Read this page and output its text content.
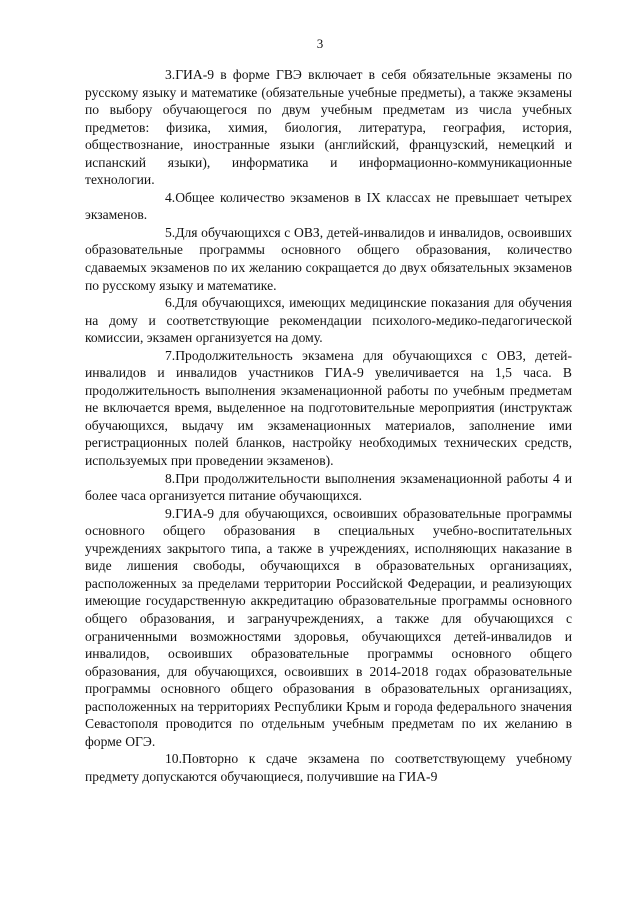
3

3.ГИА-9 в форме ГВЭ включает в себя обязательные экзамены по русскому языку и математике (обязательные учебные предметы), а также экзамены по выбору обучающегося по двум учебным предметам из числа учебных предметов: физика, химия, биология, литература, география, история, обществознание, иностранные языки (английский, французский, немецкий и испанский языки), информатика и информационно-коммуникационные технологии.

4.Общее количество экзаменов в IX классах не превышает четырех экзаменов.

5.Для обучающихся с ОВЗ, детей-инвалидов и инвалидов, освоивших образовательные программы основного общего образования, количество сдаваемых экзаменов по их желанию сокращается до двух обязательных экзаменов по русскому языку и математике.

6.Для обучающихся, имеющих медицинские показания для обучения на дому и соответствующие рекомендации психолого-медико-педагогической комиссии, экзамен организуется на дому.

7.Продолжительность экзамена для обучающихся с ОВЗ, детей-инвалидов и инвалидов участников ГИА-9 увеличивается на 1,5 часа. В продолжительность выполнения экзаменационной работы по учебным предметам не включается время, выделенное на подготовительные мероприятия (инструктаж обучающихся, выдачу им экзаменационных материалов, заполнение ими регистрационных полей бланков, настройку необходимых технических средств, используемых при проведении экзаменов).

8.При продолжительности выполнения экзаменационной работы 4 и более часа организуется питание обучающихся.

9.ГИА-9 для обучающихся, освоивших образовательные программы основного общего образования в специальных учебно-воспитательных учреждениях закрытого типа, а также в учреждениях, исполняющих наказание в виде лишения свободы, обучающихся в образовательных организациях, расположенных за пределами территории Российской Федерации, и реализующих имеющие государственную аккредитацию образовательные программы основного общего образования, и загранучреждениях, а также для обучающихся с ограниченными возможностями здоровья, обучающихся детей-инвалидов и инвалидов, освоивших образовательные программы основного общего образования, для обучающихся, освоивших в 2014-2018 годах образовательные программы основного общего образования в образовательных организациях, расположенных на территориях Республики Крым и города федерального значения Севастополя проводится по отдельным учебным предметам по их желанию в форме ОГЭ.

10.Повторно к сдаче экзамена по соответствующему учебному предмету допускаются обучающиеся, получившие на ГИА-9
